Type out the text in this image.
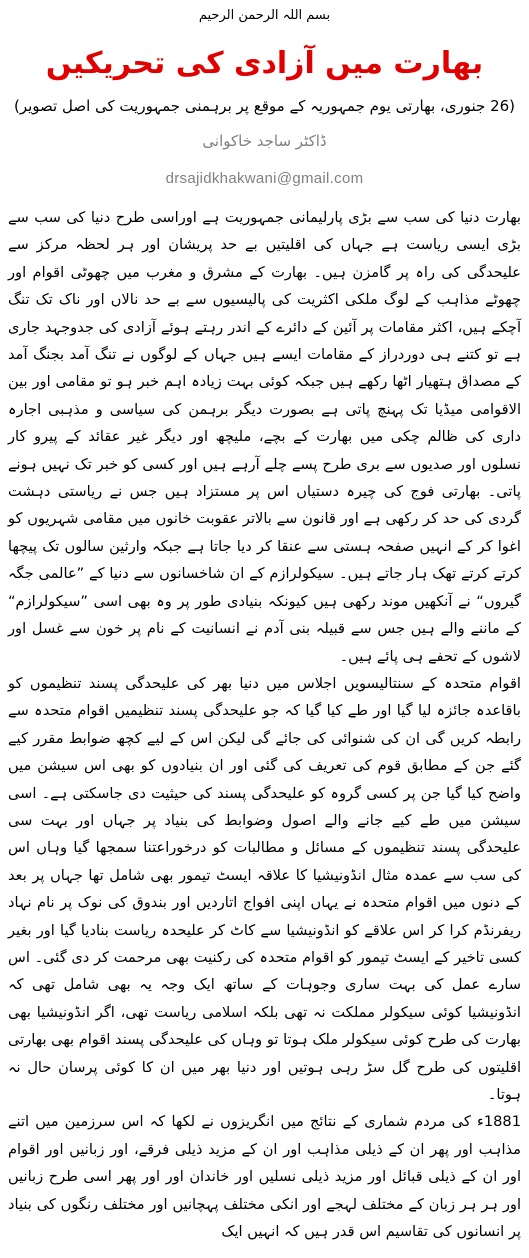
بسم اللہ الرحمن الرحیم
بھارت میں آزادی کی تحریکیں
(26 جنوری، بھارتی یوم جمہوریہ کے موقع پر برہمنی جمہوریت کی اصل تصویر)
ڈاکٹر ساجد خاکوانی
drsajidkhakwani@gmail.com

بھارت دنیا کی سب سے بڑی پارلیمانی جمہوریت ہے اوراسی طرح دنیا کی سب سے بڑی ایسی ریاست ہے جہاں کی اقلیتیں بے حد پریشان اور ہر لحظہ مرکز سے علیحدگی کی راہ پر گامزن ہیں۔ بھارت کے مشرق و مغرب میں چھوٹی اقوام اور چھوٹے مذاہب کے لوگ ملکی اکثریت کی پالیسیوں سے بے حد نالاں اور ناک تک تنگ آچکے ہیں، اکثر مقامات پر آئین کے دائرے کے اندر رہتے ہوئے آزادی کی جدوجہد جاری ہے تو کتنے ہی دوردراز کے مقامات ایسے ہیں جہاں کے لوگوں نے تنگ آمد بجنگ آمد کے مصداق ہتھیار اٹھا رکھے ہیں جبکہ کوئی بہت زیادہ اہم خبر ہو تو مقامی اور بین الاقوامی میڈیا تک پہنچ پاتی ہے بصورت دیگر برہمن کی سیاسی و مذہبی اجارہ داری کی ظالم چکی میں بھارت کے بچے، ملیچھ اور دیگر غیر عقائد کے پیرو کار نسلوں اور صدیوں سے بری طرح پسے چلے آرہے ہیں اور کسی کو خبر تک نہیں ہونے پاتی۔ بھارتی فوج کی چیرہ دستیاں اس پر مستزاد ہیں جس نے ریاستی دہشت گردی کی حد کر رکھی ہے اور قانون سے بالاتر عقوبت خانوں میں مقامی شہریوں کو اغوا کر کے انہیں صفحہ ہستی سے عنقا کر دیا جاتا ہے جبکہ وارثین سالوں تک پیچھا کرتے کرتے تھک ہار جاتے ہیں۔ سیکولرازم کے ان شاخسانوں سے دنیا کے ”عالمی جگہ گیروں“ نے آنکھیں موند رکھی ہیں کیونکہ بنیادی طور پر وہ بھی اسی ”سیکولرازم“ کے ماننے والے ہیں جس سے قبیلہ بنی آدم نے انسانیت کے نام پر خون سے غسل اور لاشوں کے تحفے ہی پائے ہیں۔

اقوام متحدہ کے سنتالیسویں اجلاس میں دنیا بھر کی علیحدگی پسند تنظیموں کو باقاعدہ جائزہ لیا گیا اور طے کیا گیا کہ جو علیحدگی پسند تنظیمیں اقوام متحدہ سے رابطہ کریں گی ان کی شنوائی کی جائے گی لیکن اس کے لیے کچھ ضوابط مقرر کیے گئے جن کے مطابق قوم کی تعریف کی گئی اور ان بنیادوں کو بھی اس سیشن میں واضح کیا گیا جن پر کسی گروہ کو علیحدگی پسند کی حیثیت دی جاسکتی ہے۔ اسی سیشن میں طے کیے جانے والے اصول وضوابط کی بنیاد پر جہاں اور بہت سی علیحدگی پسند تنظیموں کے مسائل و مطالبات کو درخوراعتنا سمجھا گیا وہاں اس کی سب سے عمدہ مثال انڈونیشیا کا علاقہ ایسٹ تیمور بھی شامل تھا جہاں پر بعد کے دنوں میں اقوام متحدہ نے یہاں اپنی افواج اتاردیں اور بندوق کی نوک پر نام نہاد ریفرنڈم کرا کر اس علاقے کو انڈونیشیا سے کاٹ کر علیحدہ ریاست بنادیا گیا اور بغیر کسی تاخیر کے ایسٹ تیمور کو اقوام متحدہ کی رکنیت بھی مرحمت کر دی گئی۔ اس سارے عمل کی بہت ساری وجوہات کے ساتھ ایک وجہ یہ بھی شامل تھی کہ انڈونیشیا کوئی سیکولر مملکت نہ تھی بلکہ اسلامی ریاست تھی، اگر انڈونیشیا بھی بھارت کی طرح کوئی سیکولر ملک ہوتا تو وہاں کی علیحدگی پسند اقوام بھی بھارتی اقلیتوں کی طرح گل سڑ رہی ہوتیں اور دنیا بھر میں ان کا کوئی پرسان حال نہ ہوتا۔

1881ء کی مردم شماری کے نتائج میں انگریزوں نے لکھا کہ اس سرزمین میں اتنے مذاہب اور پھر ان کے ذیلی مذاہب اور ان کے مزید ذیلی فرقے، اور زبانیں اور اقوام اور ان کے ذیلی قبائل اور مزید ذیلی نسلیں اور خاندان اور اور پھر اسی طرح زبانیں اور ہر ہر زبان کے مختلف لہجے اور انکی مختلف پہچانیں اور مختلف رنگوں کی بنیاد پر انسانوں کی تقاسیم اس قدر ہیں کہ انہیں ایک
